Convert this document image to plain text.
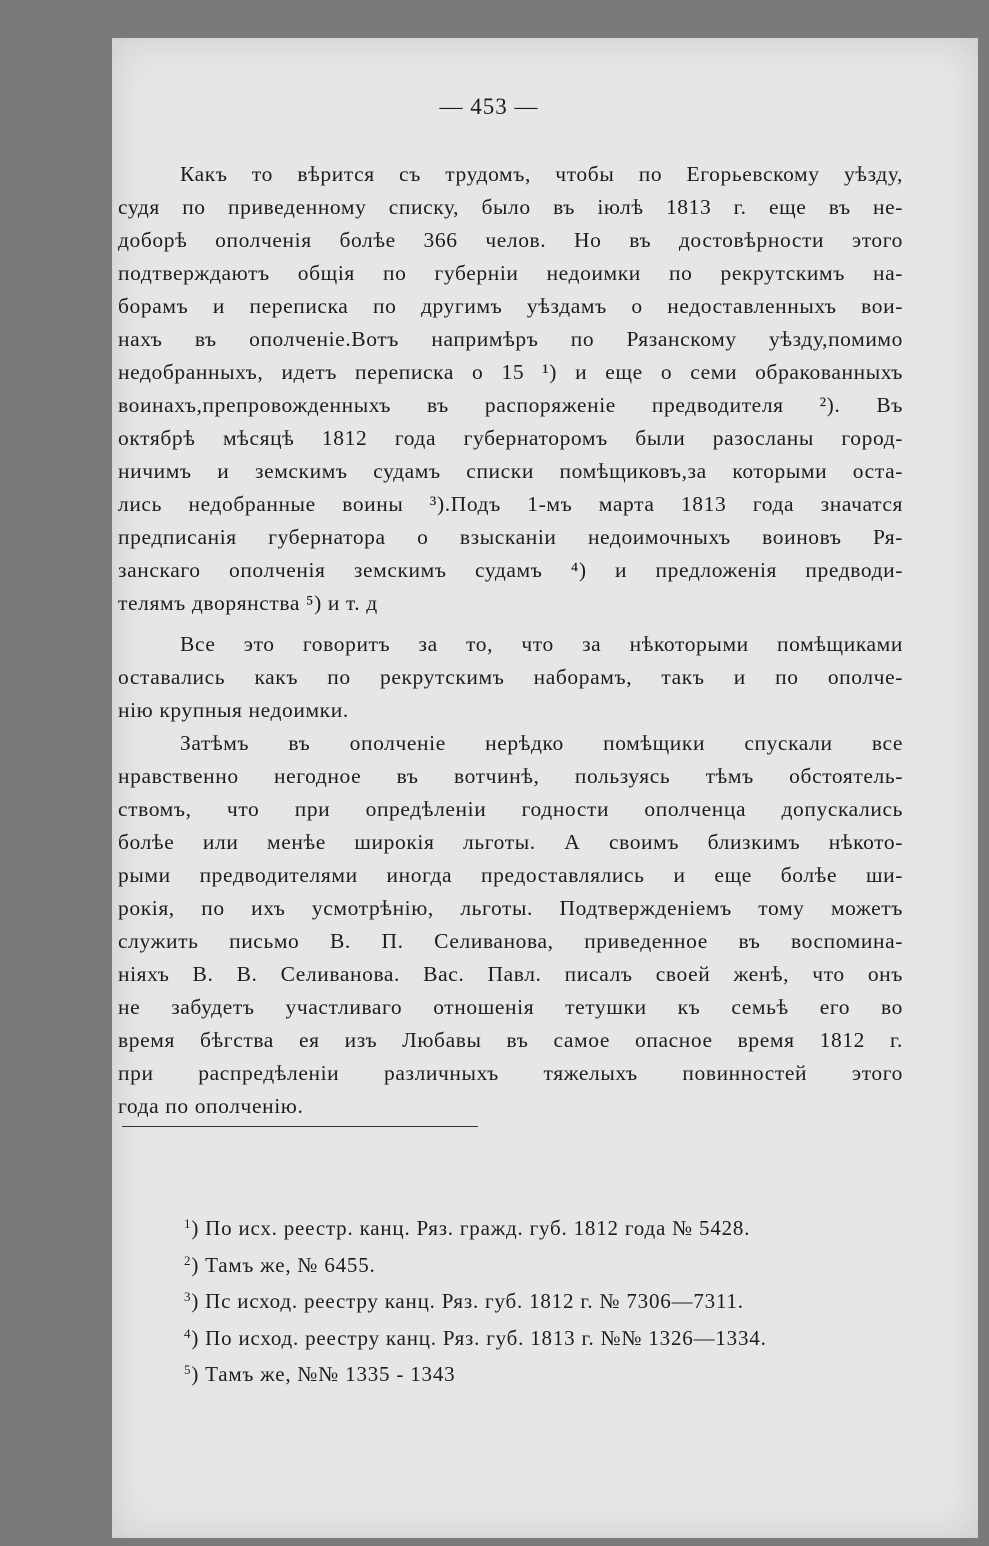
— 453 —
Какъ то вѣрится съ трудомъ, чтобы по Егорьевскому уѣзду,
судя по приведенному списку, было въ іюлѣ 1813 г. еще въ не-
доборѣ ополченія болѣе 366 челов. Но въ достовѣрности этого
подтверждаютъ общія по губерніи недоимки по рекрутскимъ на-
борамъ и переписка по другимъ уѣздамъ о недоставленныхъ вои-
нахъ въ ополченіе.Вотъ напримѣръ по Рязанскому уѣзду,помимо
недобранныхъ, идетъ переписка о 15 ¹) и еще о семи обракованныхъ
воинахъ,препровожденныхъ въ распоряженіе предводителя ²). Въ
октябрѣ мѣсяцѣ 1812 года губернаторомъ были разосланы город-
ничимъ и земскимъ судамъ списки помѣщиковъ,за которыми оста-
лись недобранные воины ³).Подъ 1-мъ марта 1813 года значатся
предписанія губернатора о взысканіи недоимочныхъ воиновъ Ря-
занскаго ополченія земскимъ судамъ ⁴) и предложенія предводи-
телямъ дворянства ⁵) и т. д
Все это говоритъ за то, что за нѣкоторыми помѣщиками
оставались какъ по рекрутскимъ наборамъ, такъ и по ополче-
нію крупныя недоимки.
Затѣмъ въ ополченіе нерѣдко помѣщики спускали все
нравственно негодное въ вотчинѣ, пользуясь тѣмъ обстоятель-
ствомъ, что при опредѣленіи годности ополченца допускались
болѣе или менѣе широкія льготы. А своимъ близкимъ нѣкото-
рыми предводителями иногда предоставлялись и еще болѣе ши-
рокія, по ихъ усмотрѣнію, льготы. Подтвержденіемъ тому можетъ
служить письмо В. П. Селиванова, приведенное въ воспомина-
ніяхъ В. В. Селиванова. Вас. Павл. писалъ своей женѣ, что онъ
не забудетъ участливаго отношенія тетушки къ семьѣ его во
время бѣгства ея изъ Любавы въ самое опасное время 1812 г.
при распредѣленіи различныхъ тяжелыхъ повинностей этого
года по ополченію.
$^1$) По исх. реестр. канц. Ряз. гражд. губ. 1812 года № 5428.
$^2$) Тамъ же, № 6455.
$^3$) Пс исход. реестру канц. Ряз. губ. 1812 г. № 7306—7311.
$^4$) По исход. реестру канц. Ряз. губ. 1813 г. №№ 1326—1334.
$^5$) Тамъ же, №№ 1335 - 1343
